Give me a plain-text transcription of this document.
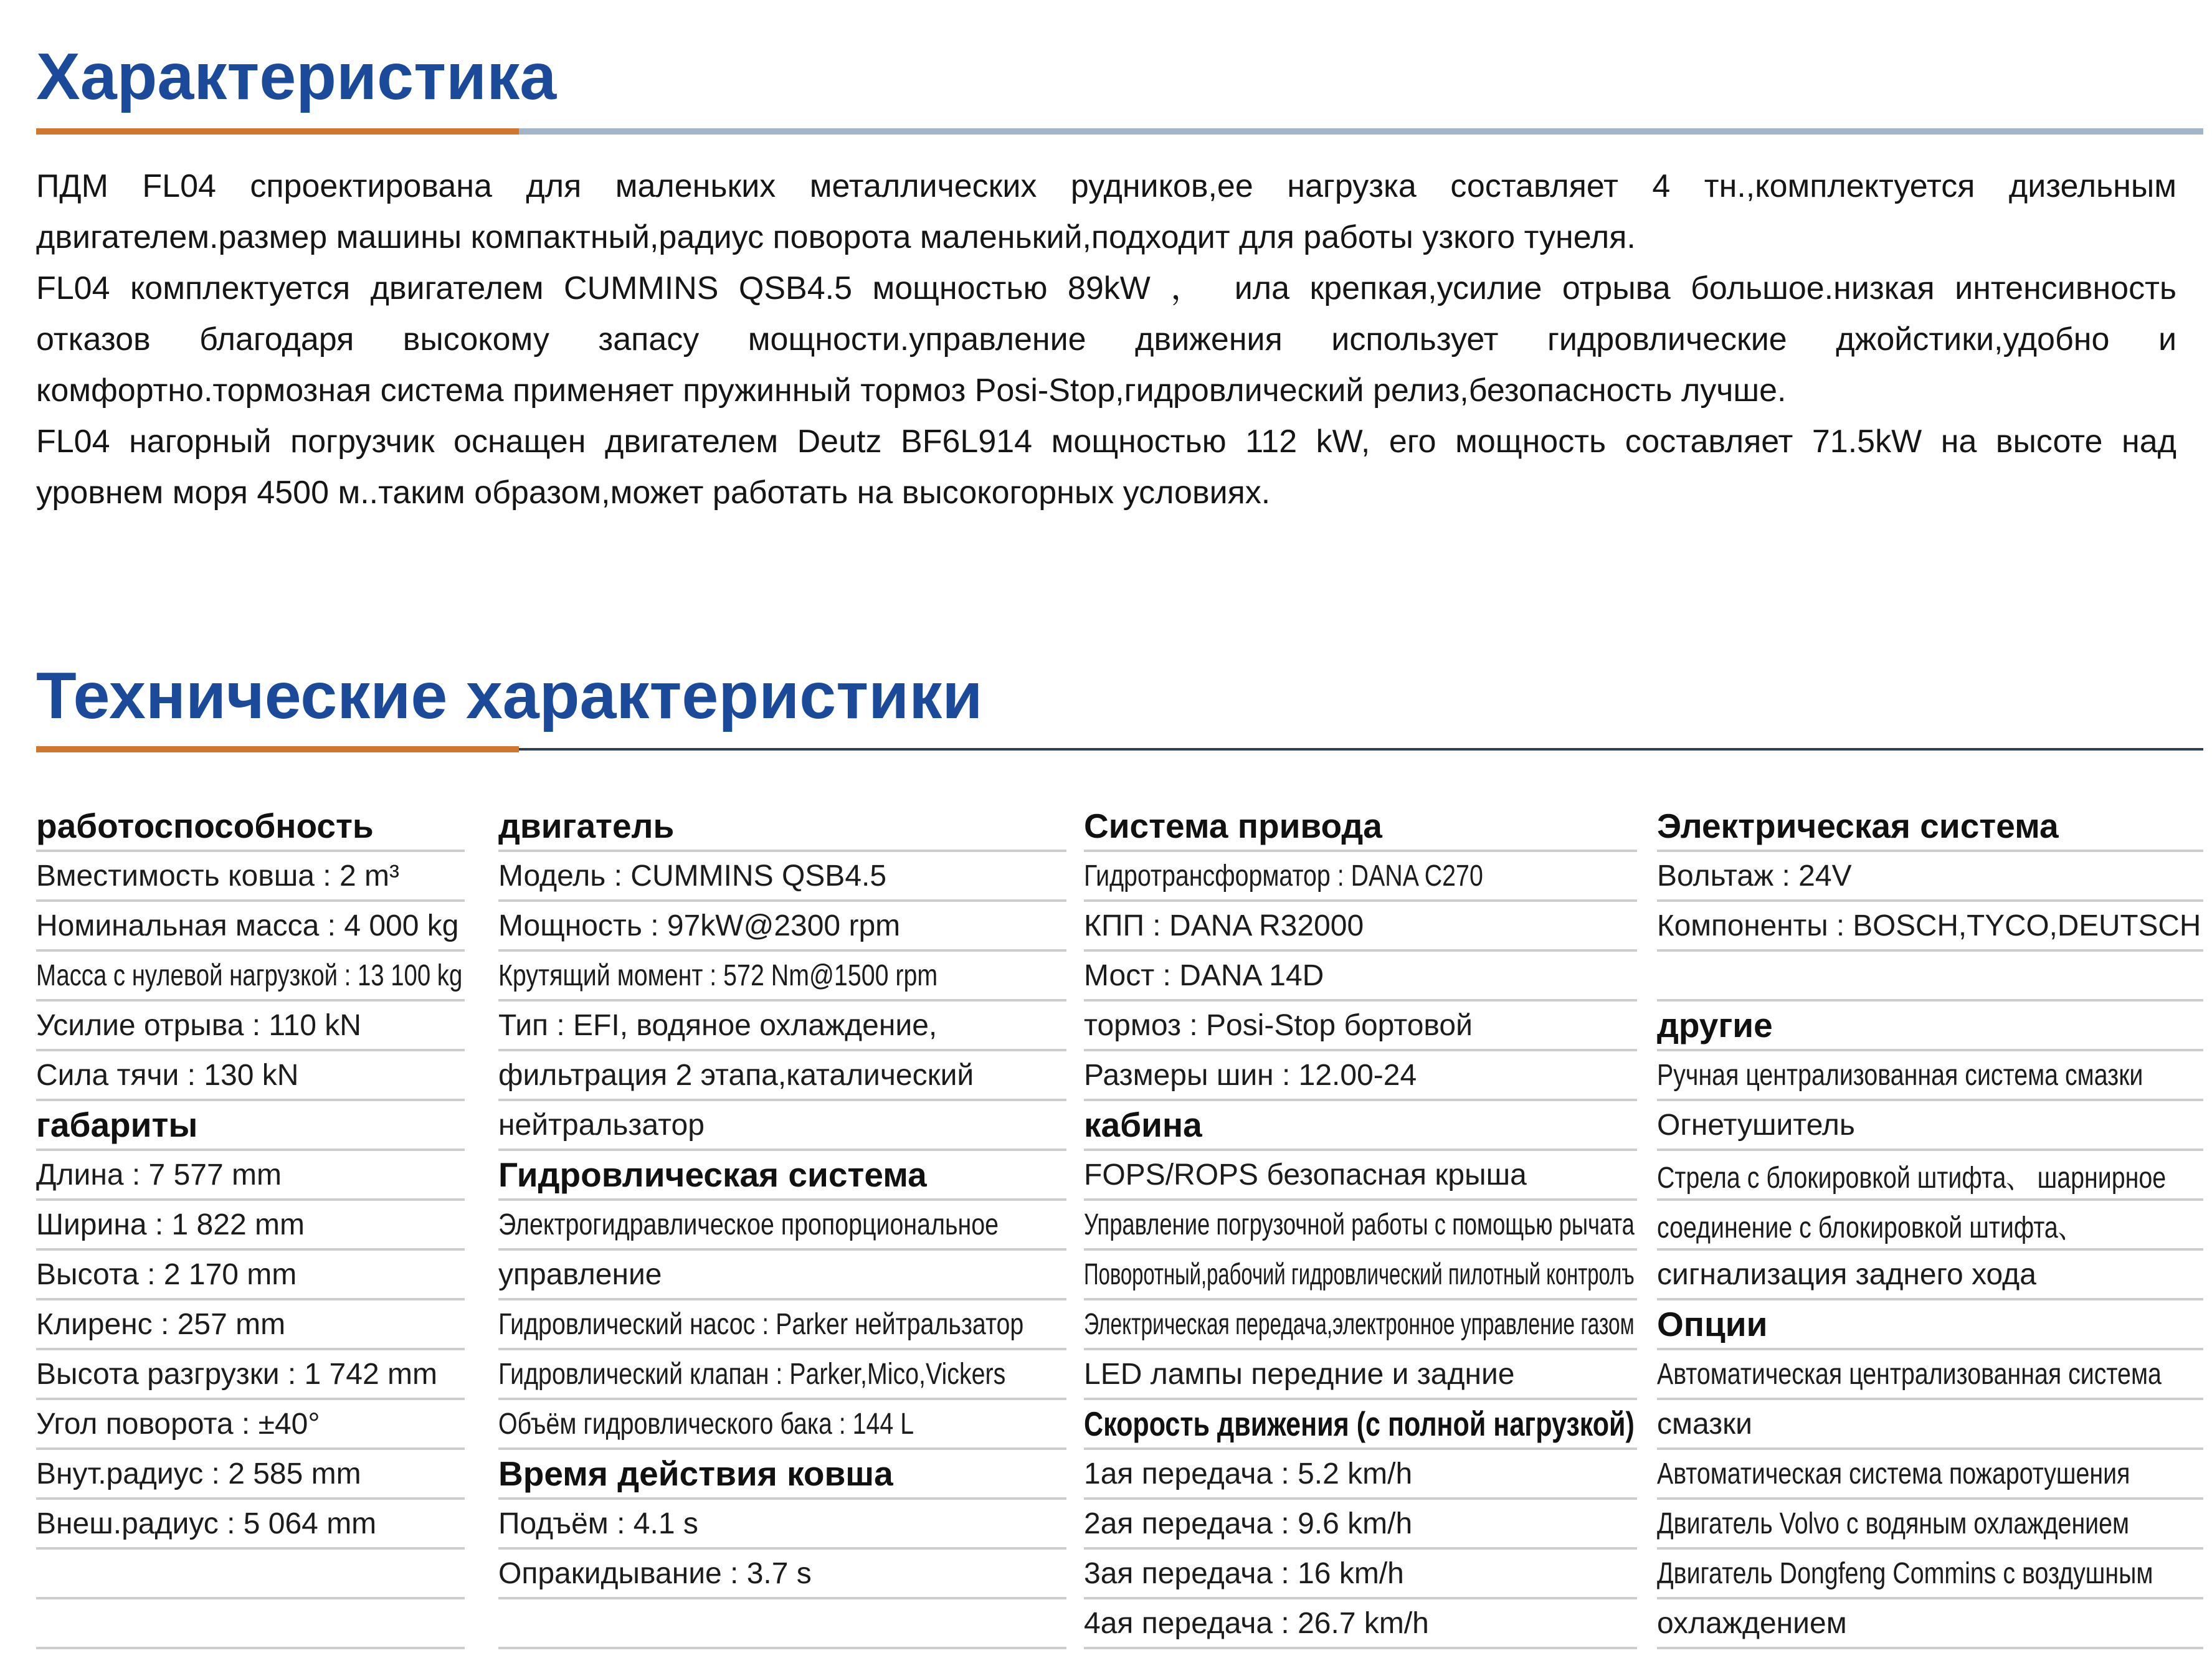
Характеристика
ПДМ FL04 спроектирована для маленьких металлических рудников,ее нагрузка составляет 4 тн.,комплектуется дизельным
двигателем.размер машины компактный,радиус поворота маленький,подходит для работы узкого тунеля.
FL04 комплектуется двигателем CUMMINS QSB4.5 мощностью 89kW ， ила крепкая,усилие отрыва большое.низкая интенсивность
отказов благодаря высокому запасу мощности.управление движения использует гидровлические джойстики,удобно и
комфортно.тормозная система применяет пружинный тормоз Posi-Stop,гидровлический релиз,безопасность лучше.
FL04 нагорный погрузчик оснащен двигателем Deutz BF6L914 мощностью 112 kW, его мощность составляет 71.5kW на высоте над
уровнем моря 4500 м..таким образом,может работать на высокогорных условиях.
Технические характеристики
работоспособность
Вместимость ковша : 2 m³
Номинальная масса : 4 000 kg
Масса с нулевой нагрузкой : 13 100 kg
Усилие отрыва : 110 kN
Сила тячи : 130 kN
габариты
Длина : 7 577 mm
Ширина : 1 822 mm
Высота : 2 170 mm
Клиренс : 257 mm
Высота разгрузки : 1 742 mm
Угол поворота : ±40°
Внут.радиус : 2 585 mm
Внеш.радиус : 5 064 mm
двигатель
Модель : CUMMINS QSB4.5
Мощность : 97kW@2300 rpm
Крутящий момент : 572 Nm@1500 rpm
Тип : EFI, водяное охлаждение,
фильтрация 2 этапа,каталический
нейтральзатор
Гидровлическая система
Электрогидравлическое пропорциональное
управление
Гидровлический насос : Parker нейтральзатор
Гидровлический клапан : Parker,Mico,Vickers
Объём гидровлического бака : 144 L
Время действия ковша
Подъём : 4.1 s
Опракидывание : 3.7 s
Система привода
Гидротрансформатор : DANA C270
КПП : DANA R32000
Мост : DANA 14D
тормоз : Posi-Stop бортовой
Размеры шин : 12.00-24
кабина
FOPS/ROPS безопасная крыша
Управление погрузочной работы с помощью рычата
Поворотный,рабочий гидровлический пилотный контролъ
Электрическая передача,электронное управление газом
LED лампы передние и задние
Скорость движения (с полной нагрузкой)
1ая передача : 5.2 km/h
2ая передача : 9.6 km/h
3ая передача : 16 km/h
4ая передача : 26.7 km/h
Электрическая система
Вольтаж : 24V
Компоненты : BOSCH,TYCO,DEUTSCH
другие
Ручная централизованная система смазки
Огнетушитель
Стрела с блокировкой штифта、 шарнирное
соединение с блокировкой штифта、
сигнализация заднего хода
Опции
Автоматическая централизованная система
смазки
Автоматическая система пожаротушения
Двигатель Volvo с водяным охлаждением
Двигатель Dongfeng Commins с воздушным
охлаждением
